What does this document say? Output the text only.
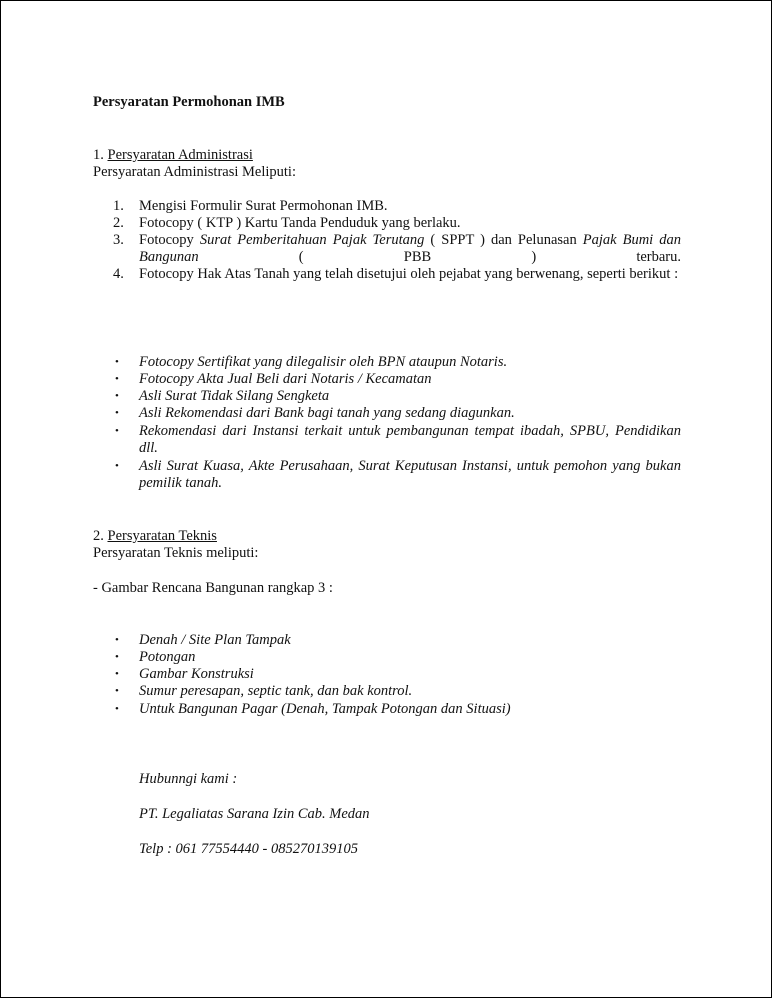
Persyaratan Permohonan IMB
1. Persyaratan Administrasi
Persyaratan Administrasi Meliputi:
1.	Mengisi Formulir Surat Permohonan IMB.
2.	Fotocopy ( KTP ) Kartu Tanda Penduduk yang berlaku.
3.	Fotocopy Surat Pemberitahuan Pajak Terutang ( SPPT ) dan Pelunasan Pajak Bumi dan Bangunan ( PBB ) terbaru.
4.	Fotocopy Hak Atas Tanah yang telah disetujui oleh pejabat yang berwenang, seperti berikut :
• Fotocopy Sertifikat yang dilegalisir oleh BPN ataupun Notaris.
• Fotocopy Akta Jual Beli dari Notaris / Kecamatan
• Asli Surat Tidak Silang Sengketa
• Asli Rekomendasi dari Bank bagi tanah yang sedang diagunkan.
• Rekomendasi dari Instansi terkait untuk pembangunan tempat ibadah, SPBU, Pendidikan dll.
• Asli Surat Kuasa, Akte Perusahaan, Surat Keputusan Instansi, untuk pemohon yang bukan pemilik tanah.
2. Persyaratan Teknis
Persyaratan Teknis meliputi:
- Gambar Rencana Bangunan rangkap 3 :
• Denah / Site Plan Tampak
• Potongan
• Gambar Konstruksi
• Sumur peresapan, septic tank, dan bak kontrol.
• Untuk Bangunan Pagar (Denah, Tampak Potongan dan Situasi)
Hubunngi kami :
PT. Legaliatas Sarana Izin Cab. Medan
Telp : 061 77554440 - 085270139105
